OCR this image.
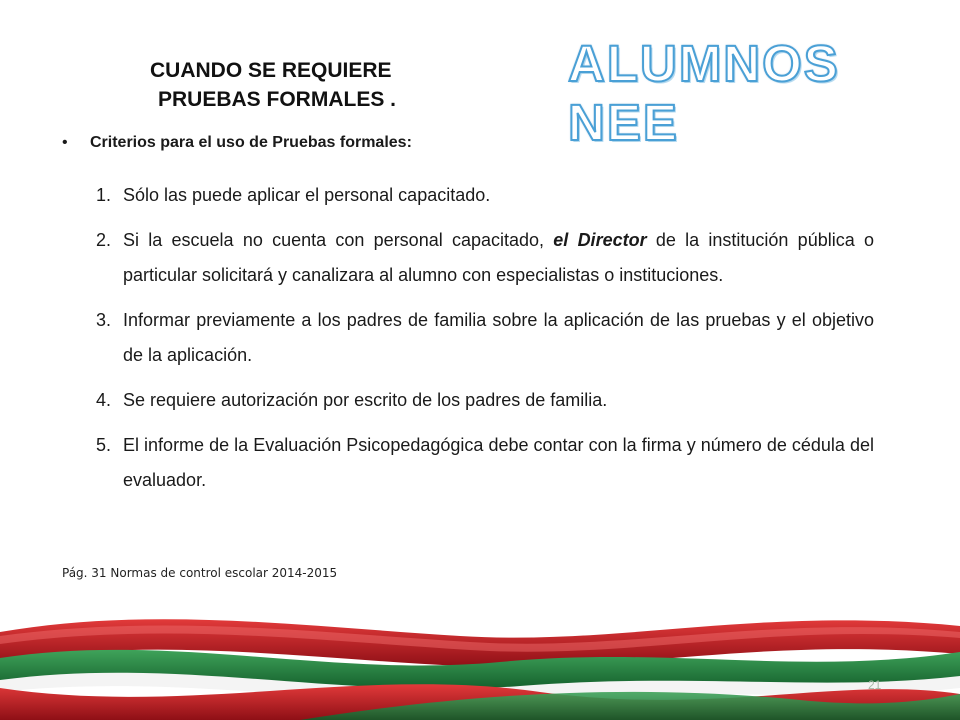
CUANDO SE REQUIERE
PRUEBAS FORMALES .
ALUMNOS NEE
• Criterios para el uso de Pruebas formales:
1. Sólo las puede aplicar el personal capacitado.
2. Si la escuela no cuenta con personal capacitado, el Director de la institución pública o particular solicitará y canalizara al alumno con especialistas o instituciones.
3. Informar previamente a los padres de familia sobre la aplicación de las pruebas y el objetivo de la aplicación.
4. Se requiere autorización por escrito de los padres de familia.
5. El informe de la Evaluación Psicopedagógica debe contar con la firma y número de cédula del evaluador.
Pág. 31 Normas de control escolar 2014-2015
21
